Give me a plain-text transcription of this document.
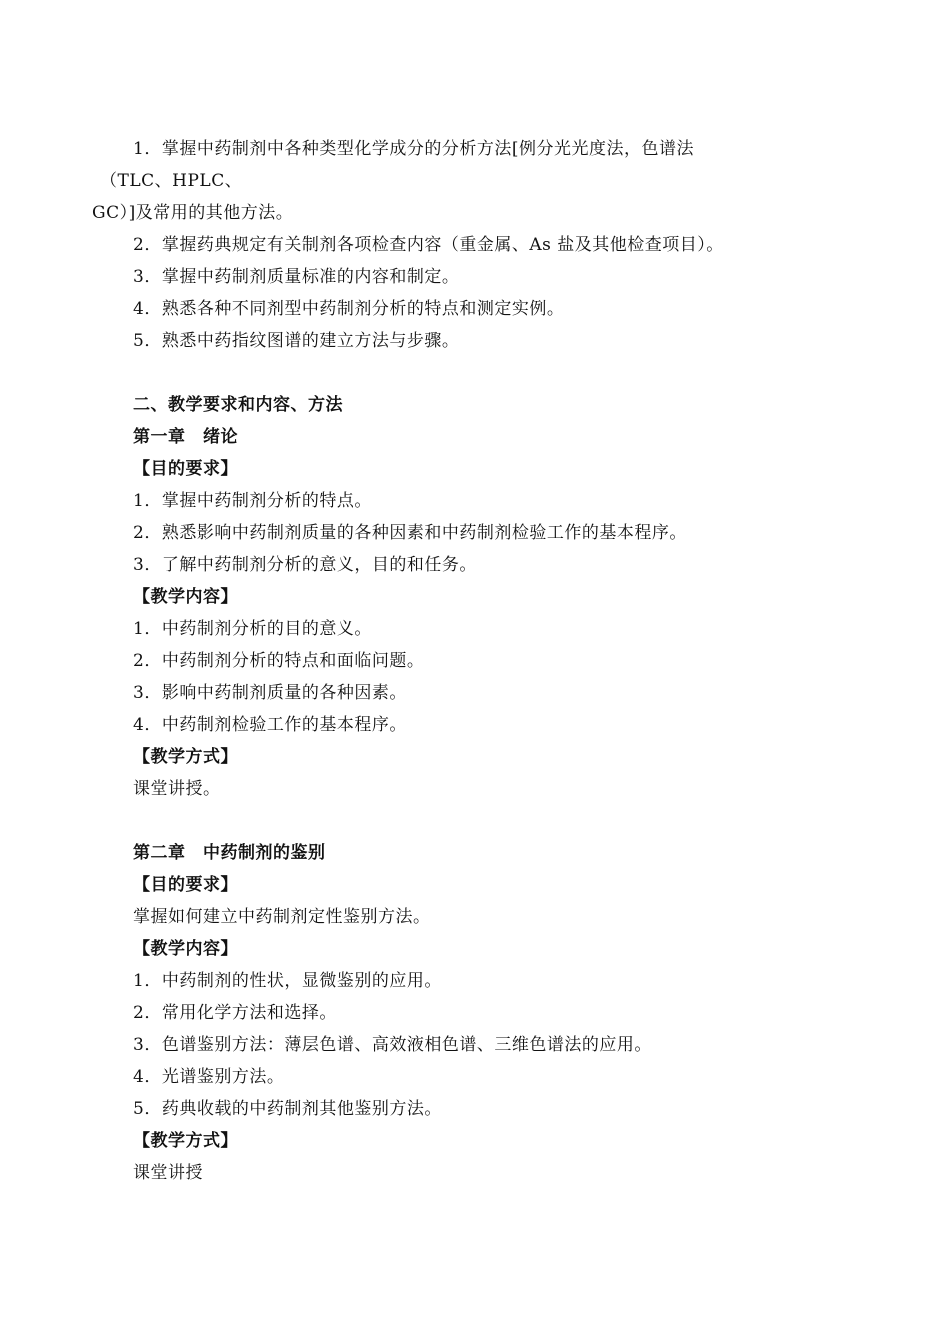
1．掌握中药制剂中各种类型化学成分的分析方法[例分光光度法，色谱法
（TLC、HPLC、
GC）]及常用的其他方法。
2．掌握药典规定有关制剂各项检查内容（重金属、As 盐及其他检查项目）。
3．掌握中药制剂质量标准的内容和制定。
4．熟悉各种不同剂型中药制剂分析的特点和测定实例。
5．熟悉中药指纹图谱的建立方法与步骤。
二、教学要求和内容、方法
第一章　绪论
【目的要求】
1．掌握中药制剂分析的特点。
2．熟悉影响中药制剂质量的各种因素和中药制剂检验工作的基本程序。
3．了解中药制剂分析的意义，目的和任务。
【教学内容】
1．中药制剂分析的目的意义。
2．中药制剂分析的特点和面临问题。
3．影响中药制剂质量的各种因素。
4．中药制剂检验工作的基本程序。
【教学方式】
课堂讲授。
第二章　中药制剂的鉴别
【目的要求】
掌握如何建立中药制剂定性鉴别方法。
【教学内容】
1．中药制剂的性状，显微鉴别的应用。
2．常用化学方法和选择。
3．色谱鉴别方法：薄层色谱、高效液相色谱、三维色谱法的应用。
4．光谱鉴别方法。
5．药典收载的中药制剂其他鉴别方法。
【教学方式】
课堂讲授
